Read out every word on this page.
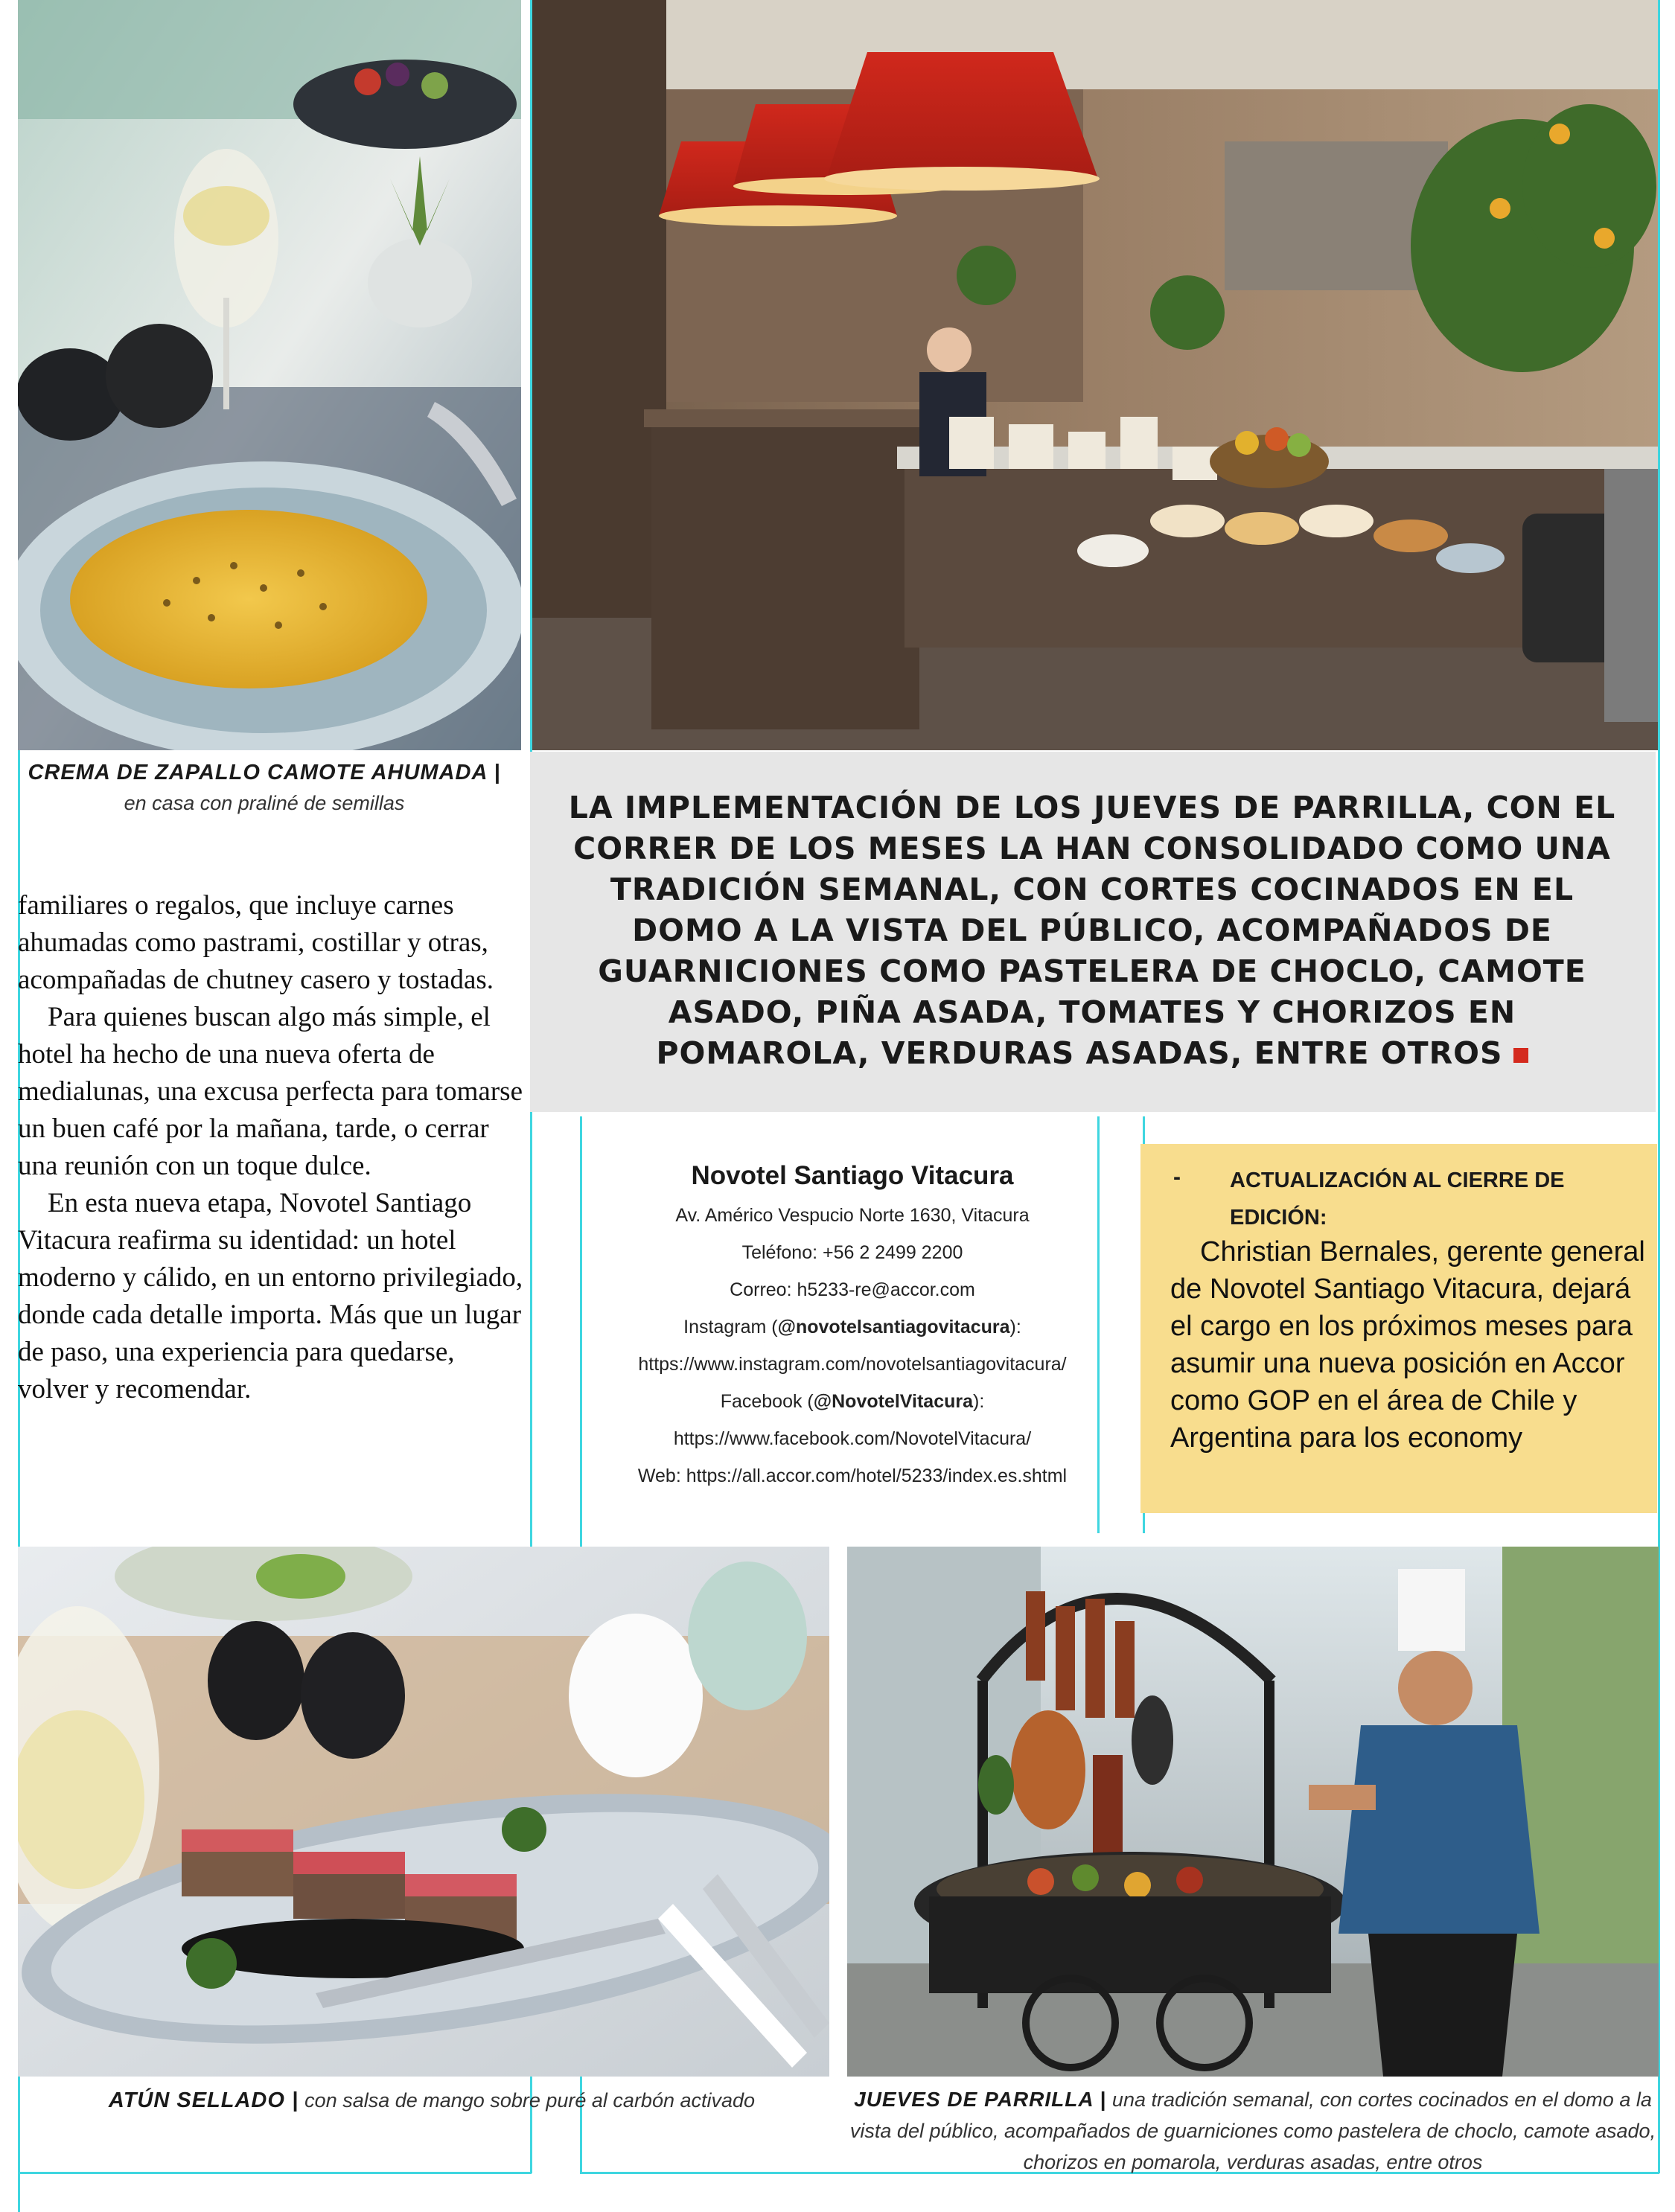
CREMA DE ZAPALLO CAMOTE AHUMADA | en casa con praliné de semillas	LA IMPLEMENTACIÓN DE LOS JUEVES DE PARRILLA, CON EL CORRER DE LOS MESES LA HAN CONSOLIDADO COMO UNA TRADICIÓN SEMANAL, CON CORTES COCINADOS EN EL DOMO A LA VISTA DEL PÚBLICO, ACOMPAÑADOS DE GUARNICIONES COMO PASTELERA DE CHOCLO, CAMOTE ASADO, PIÑA ASADA, TOMATES Y CHORIZOS EN POMAROLA, VERDURAS ASADAS, ENTRE OTROS

familiares o regalos, que incluye carnes ahumadas como pastrami, costillar y otras, acompañadas de chutney casero y tostadas.

Para quienes buscan algo más simple, el hotel ha hecho de una nueva oferta de medialunas, una excusa perfecta para tomarse un buen café por la mañana, tarde, o cerrar una reunión con un toque dulce.

En esta nueva etapa, Novotel Santiago Vitacura reafirma su identidad: un hotel moderno y cálido, en un entorno privilegiado, donde cada detalle importa. Más que un lugar de paso, una experiencia para quedarse, volver y recomendar.

Novotel Santiago Vitacura
Av. Américo Vespucio Norte 1630, Vitacura
Teléfono: +56 2 2499 2200
Correo: h5233-re@accor.com
Instagram (@novotelsantiagovitacura):
https://www.instagram.com/novotelsantiagovitacura/
Facebook (@NovotelVitacura):
https://www.facebook.com/NovotelVitacura/
Web: https://all.accor.com/hotel/5233/index.es.shtml
- ACTUALIZACIÓN AL CIERRE DE EDICIÓN:
Christian Bernales, gerente general de Novotel Santiago Vitacura, dejará el cargo en los próximos meses para asumir una nueva posición en Accor como GOP en el área de Chile y Argentina para los economy
ATÚN SELLADO | con salsa de mango sobre puré al carbón activado	JUEVES DE PARRILLA | una tradición semanal, con cortes cocinados en el domo a la vista del público, acompañados de guarniciones como pastelera de choclo, camote asado, chorizos en pomarola, verduras asadas, entre otros
